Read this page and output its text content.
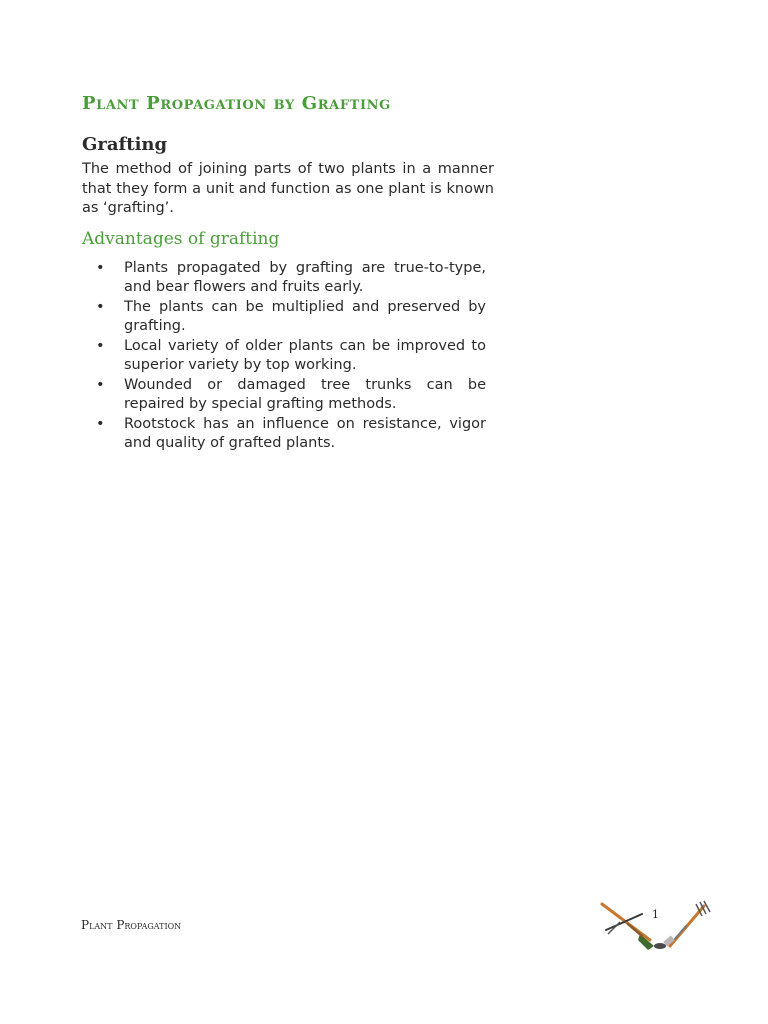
Plant Propagation by Grafting
Grafting

The method of joining parts of two plants in a manner that they form a unit and function as one plant is known as ‘grafting’.

Advantages of grafting
• Plants propagated by grafting are true-to-type, and bear flowers and fruits early.
• The plants can be multiplied and preserved by grafting.
• Local variety of older plants can be improved to superior variety by top working.
• Wounded or damaged tree trunks can be repaired by special grafting methods.
• Rootstock has an influence on resistance, vigor and quality of grafted plants.

Plant Propagation

1
